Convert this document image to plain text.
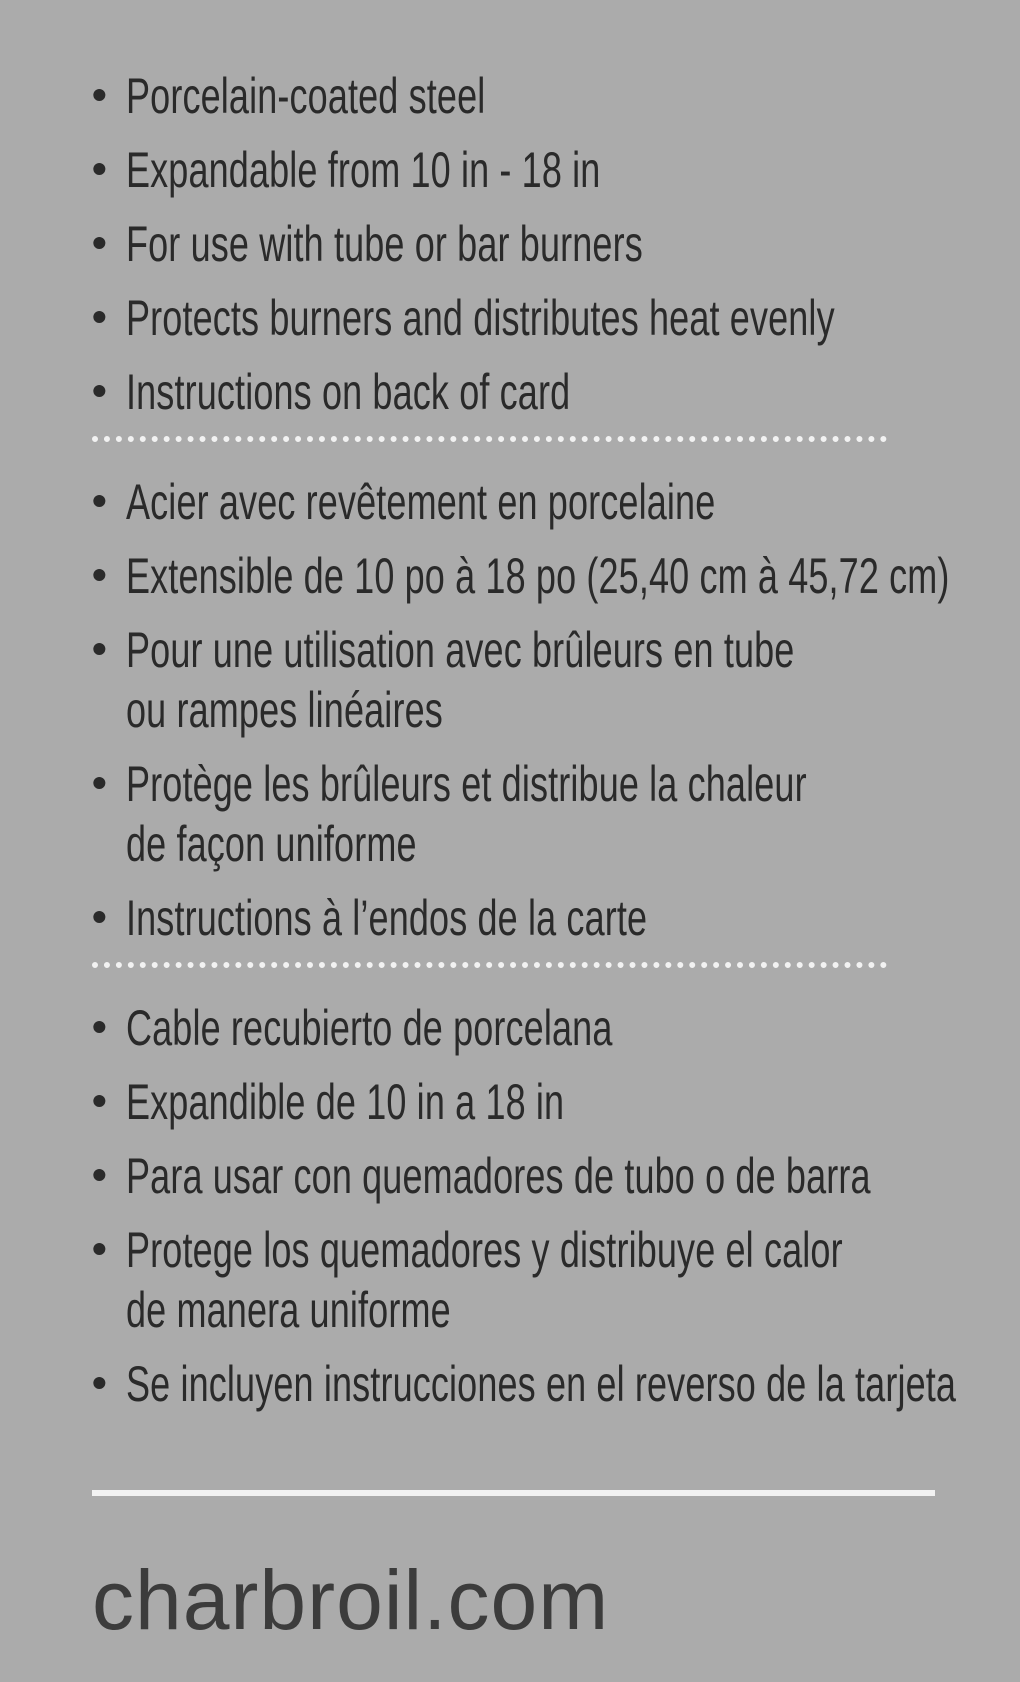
• Porcelain-coated steel
• Expandable from 10 in - 18 in
• For use with tube or bar burners
• Protects burners and distributes heat evenly
• Instructions on back of card
• Acier avec revêtement en porcelaine
• Extensible de 10 po à 18 po (25,40 cm à 45,72 cm)
• Pour une utilisation avec brûleurs en tube
ou rampes linéaires
• Protège les brûleurs et distribue la chaleur
de façon uniforme
• Instructions à l’endos de la carte
• Cable recubierto de porcelana
• Expandible de 10 in a 18 in
• Para usar con quemadores de tubo o de barra
• Protege los quemadores y distribuye el calor
de manera uniforme
• Se incluyen instrucciones en el reverso de la tarjeta
charbroil.com
